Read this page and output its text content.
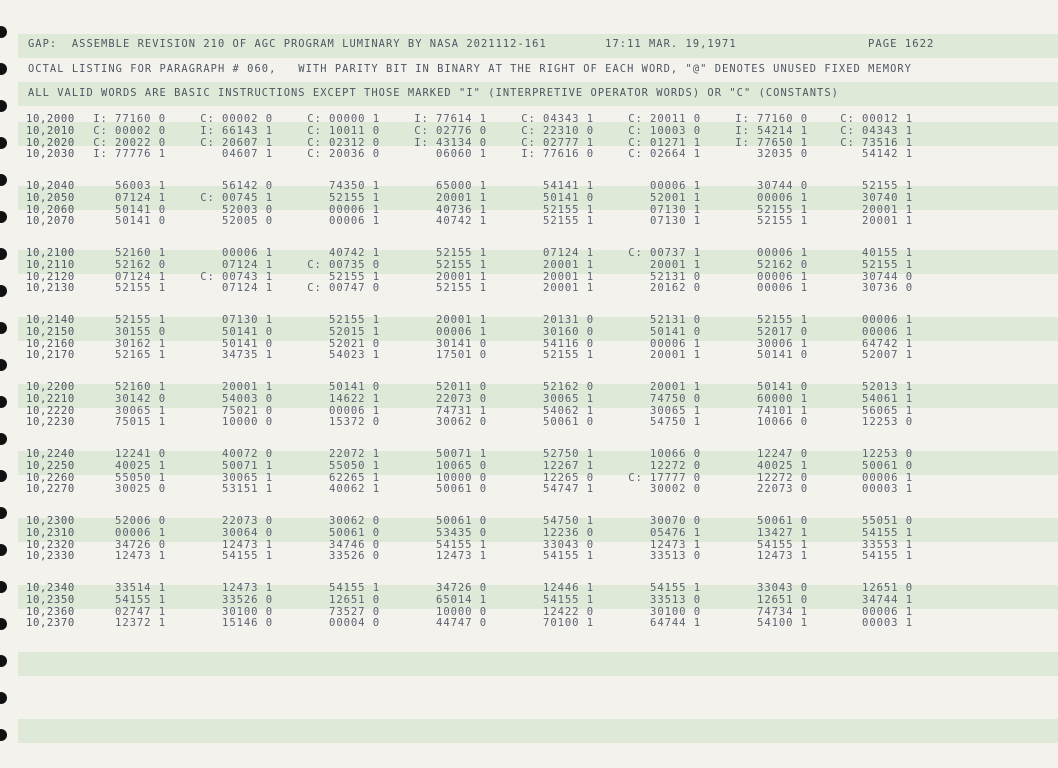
GAP:  ASSEMBLE REVISION 210 OF AGC PROGRAM LUMINARY BY NASA 2021112-161        17:11 MAR. 19,1971	PAGE 1622
OCTAL LISTING FOR PARAGRAPH # 060,   WITH PARITY BIT IN BINARY AT THE RIGHT OF EACH WORD, "@" DENOTES UNUSED FIXED MEMORY
ALL VALID WORDS ARE BASIC INSTRUCTIONS EXCEPT THOSE MARKED "I" (INTERPRETIVE OPERATOR WORDS) OR "C" (CONSTANTS)
10,2000 I: 77160 0	C: 00002 0	C: 00000 1	I: 77614 1	C: 04343 1	C: 20011 0	I: 77160 0	C: 00012 1
10,2010 C: 00002 0	I: 66143 1	C: 10011 0	C: 02776 0	C: 22310 0	C: 10003 0	I: 54214 1	C: 04343 1
10,2020 C: 20022 0	C: 20607 1	C: 02312 0	I: 43134 0	C: 02777 1	C: 01271 1	I: 77650 1	C: 73516 1
10,2030 I: 77776 1	04607 1	C: 20036 0	06060 1	I: 77616 0	C: 02664 1	32035 0	54142 1
10,2040	56003 1	56142 0	74350 1	65000 1	54141 1	00006 1	30744 0	52155 1
10,2050	07124 1	C: 00745 1	52155 1	20001 1	50141 0	52001 1	00006 1	30740 1
10,2060	50141 0	52003 0	00006 1	40736 1	52155 1	07130 1	52155 1	20001 1
10,2070	50141 0	52005 0	00006 1	40742 1	52155 1	07130 1	52155 1	20001 1
10,2100	52160 1	00006 1	40742 1	52155 1	07124 1	C: 00737 1	00006 1	40155 1
10,2110	52162 0	07124 1	C: 00735 0	52155 1	20001 1	20001 1	52162 0	52155 1
10,2120	07124 1	C: 00743 1	52155 1	20001 1	20001 1	52131 0	00006 1	30744 0
10,2130	52155 1	07124 1	C: 00747 0	52155 1	20001 1	20162 0	00006 1	30736 0
10,2140	52155 1	07130 1	52155 1	20001 1	20131 0	52131 0	52155 1	00006 1
10,2150	30155 0	50141 0	52015 1	00006 1	30160 0	50141 0	52017 0	00006 1
10,2160	30162 1	50141 0	52021 0	30141 0	54116 0	00006 1	30006 1	64742 1
10,2170	52165 1	34735 1	54023 1	17501 0	52155 1	20001 1	50141 0	52007 1
10,2200	52160 1	20001 1	50141 0	52011 0	52162 0	20001 1	50141 0	52013 1
10,2210	30142 0	54003 0	14622 1	22073 0	30065 1	74750 0	60000 1	54061 1
10,2220	30065 1	75021 0	00006 1	74731 1	54062 1	30065 1	74101 1	56065 1
10,2230	75015 1	10000 0	15372 0	30062 0	50061 0	54750 1	10066 0	12253 0
10,2240	12241 0	40072 0	22072 1	50071 1	52750 1	10066 0	12247 0	12253 0
10,2250	40025 1	50071 1	55050 1	10065 0	12267 1	12272 0	40025 1	50061 0
10,2260	55050 1	30065 1	62265 1	10000 0	12265 0	C: 17777 0	12272 0	00006 1
10,2270	30025 0	53151 1	40062 1	50061 0	54747 1	30002 0	22073 0	00003 1
10,2300	52006 0	22073 0	30062 0	50061 0	54750 1	30070 0	50061 0	55051 0
10,2310	00006 1	30064 0	50061 0	53435 0	12236 0	05476 1	13427 1	54155 1
10,2320	34726 0	12473 1	34746 0	54155 1	33043 0	12473 1	54155 1	33553 1
10,2330	12473 1	54155 1	33526 0	12473 1	54155 1	33513 0	12473 1	54155 1
10,2340	33514 1	12473 1	54155 1	34726 0	12446 1	54155 1	33043 0	12651 0
10,2350	54155 1	33526 0	12651 0	65014 1	54155 1	33513 0	12651 0	34744 1
10,2360	02747 1	30100 0	73527 0	10000 0	12422 0	30100 0	74734 1	00006 1
10,2370	12372 1	15146 0	00004 0	44747 0	70100 1	64744 1	54100 1	00003 1
